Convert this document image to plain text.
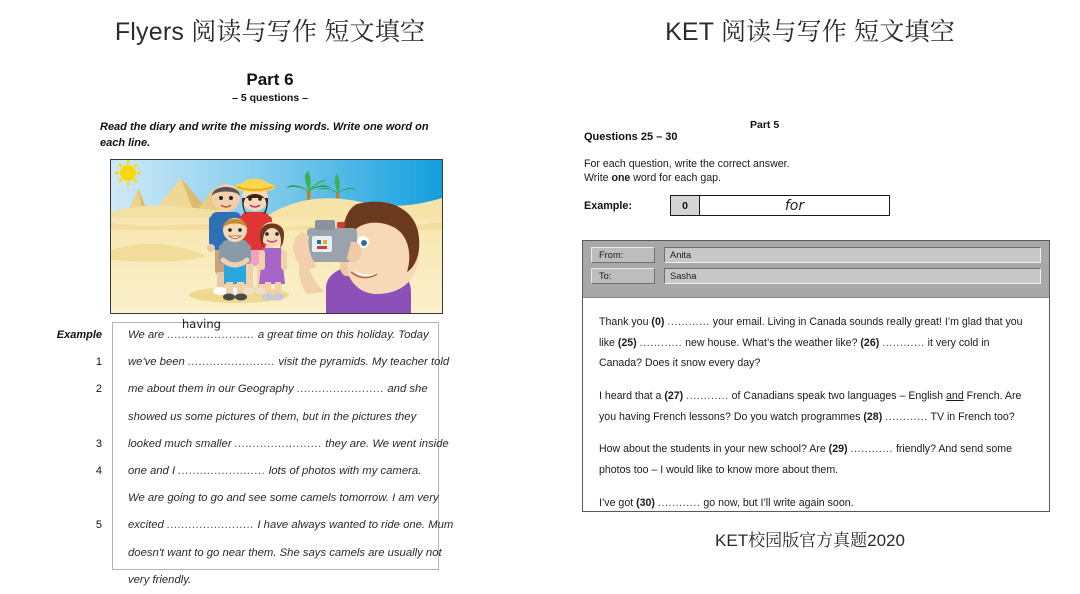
Flyers 阅读与写作 短文填空
Part 6
– 5 questions –
Read the diary and write the missing words. Write one word on each line.
Example
1
2
3
4
5
We are ........................ a great time on this holiday. Today
having
we've been ........................ visit the pyramids. My teacher told
me about them in our Geography ........................ and she
showed us some pictures of them, but in the pictures they
looked much smaller ........................ they are. We went inside
one and I ........................ lots of photos with my camera.
We are going to go and see some camels tomorrow. I am very
excited ........................ I have always wanted to ride one. Mum
doesn't want to go near them. She says camels are usually not
very friendly.
KET 阅读与写作 短文填空
Part 5
Questions 25 – 30
For each question, write the correct answer.
Write one word for each gap.
Example:	0	for
From:	Anita
To:	Sasha

Thank you (0) ............ your email. Living in Canada sounds really great! I’m glad that you like (25) ............ new house. What’s the weather like? (26) ............ it very cold in Canada? Does it snow every day?

I heard that a (27) ............ of Canadians speak two languages – English and French. Are you having French lessons? Do you watch programmes (28) ............ TV in French too?

How about the students in your new school? Are (29) ............ friendly? And send some photos too – I would like to know more about them.

I’ve got (30) ............ go now, but I’ll write again soon.

KET校园版官方真题2020
